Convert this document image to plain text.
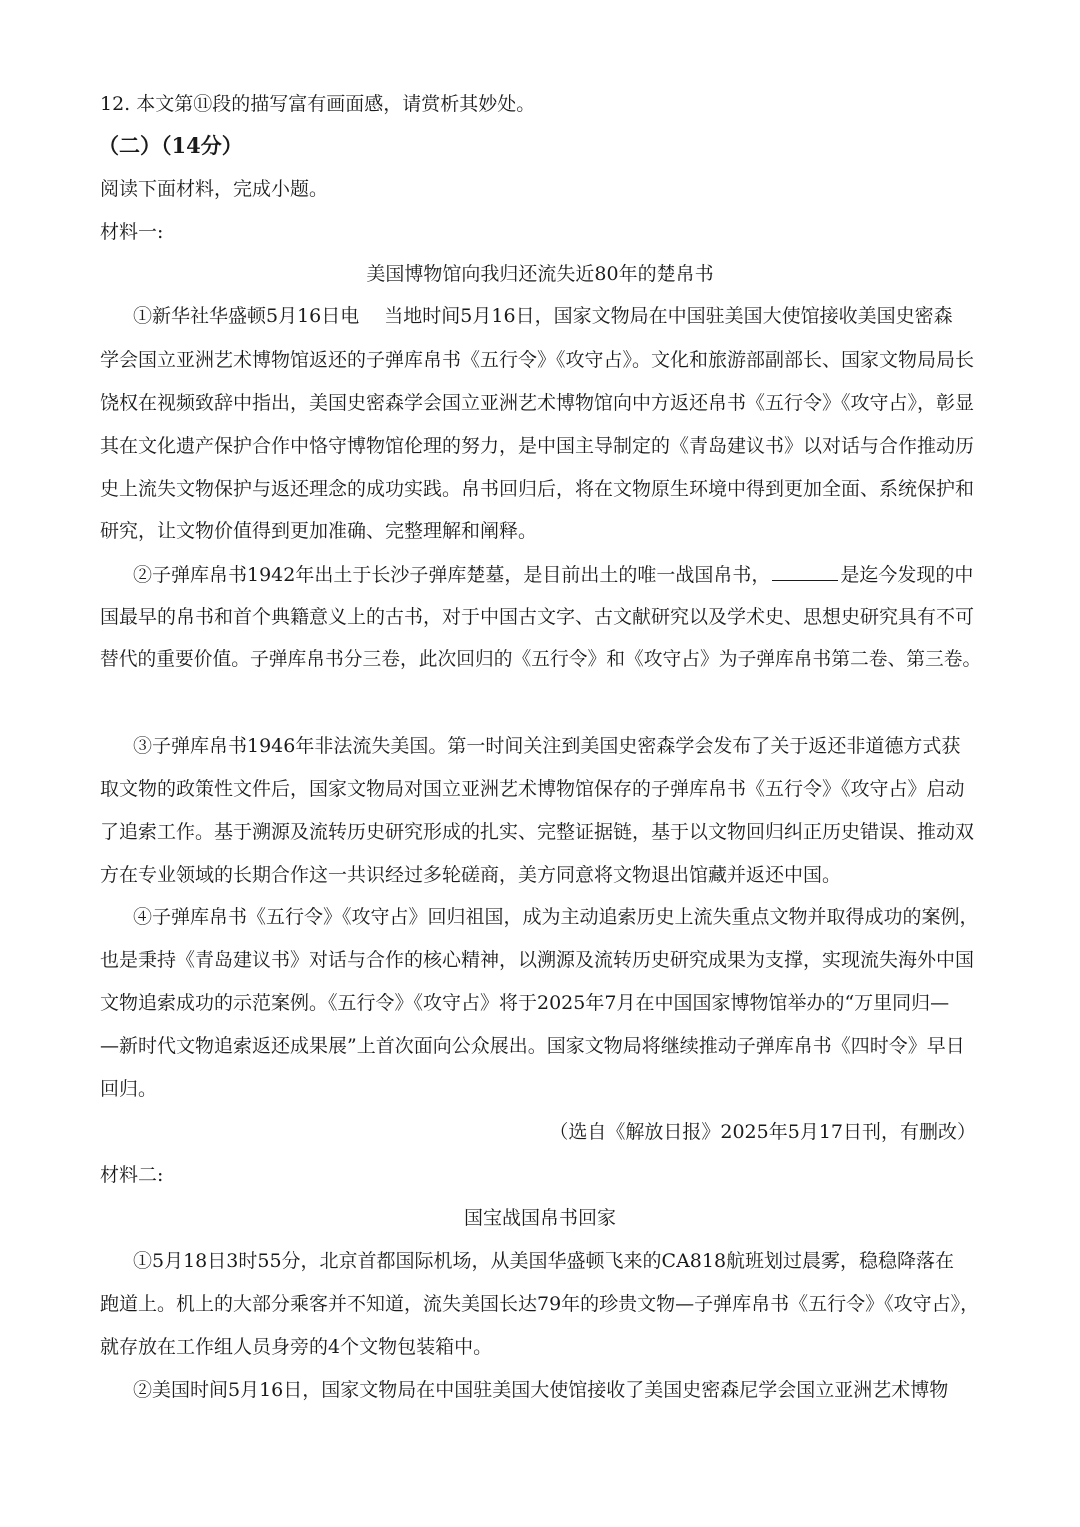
12. 本文第⑪段的描写富有画面感，请赏析其妙处。
（二）（14分）
阅读下面材料，完成小题。
材料一:
美国博物馆向我归还流失近80年的楚帛书
①新华社华盛顿5月16日电　 当地时间5月16日，国家文物局在中国驻美国大使馆接收美国史密森
学会国立亚洲艺术博物馆返还的子弹库帛书《五行令》《攻守占》。文化和旅游部副部长、国家文物局局长
饶权在视频致辞中指出，美国史密森学会国立亚洲艺术博物馆向中方返还帛书《五行令》《攻守占》，彰显
其在文化遗产保护合作中恪守博物馆伦理的努力，是中国主导制定的《青岛建议书》以对话与合作推动历
史上流失文物保护与返还理念的成功实践。帛书回归后，将在文物原生环境中得到更加全面、系统保护和
研究，让文物价值得到更加准确、完整理解和阐释。
②子弹库帛书1942年出土于长沙子弹库楚墓，是目前出土的唯一战国帛书，	是迄今发现的中
国最早的帛书和首个典籍意义上的古书，对于中国古文字、古文献研究以及学术史、思想史研究具有不可
替代的重要价值。子弹库帛书分三卷，此次回归的《五行令》和《攻守占》为子弹库帛书第二卷、第三卷。
③子弹库帛书1946年非法流失美国。第一时间关注到美国史密森学会发布了关于返还非道德方式获
取文物的政策性文件后，国家文物局对国立亚洲艺术博物馆保存的子弹库帛书《五行令》《攻守占》启动
了追索工作。基于溯源及流转历史研究形成的扎实、完整证据链，基于以文物回归纠正历史错误、推动双
方在专业领域的长期合作这一共识经过多轮磋商，美方同意将文物退出馆藏并返还中国。
④子弹库帛书《五行令》《攻守占》回归祖国，成为主动追索历史上流失重点文物并取得成功的案例，
也是秉持《青岛建议书》对话与合作的核心精神，以溯源及流转历史研究成果为支撑，实现流失海外中国
文物追索成功的示范案例。《五行令》《攻守占》将于2025年7月在中国国家博物馆举办的“万里同归—
—新时代文物追索返还成果展”上首次面向公众展出。国家文物局将继续推动子弹库帛书《四时令》早日
回归。
（选自《解放日报》2025年5月17日刊，有删改）
材料二:
国宝战国帛书回家
①5月18日3时55分，北京首都国际机场，从美国华盛顿飞来的CA818航班划过晨雾，稳稳降落在
跑道上。机上的大部分乘客并不知道，流失美国长达79年的珍贵文物—子弹库帛书《五行令》《攻守占》，
就存放在工作组人员身旁的4个文物包装箱中。
②美国时间5月16日，国家文物局在中国驻美国大使馆接收了美国史密森尼学会国立亚洲艺术博物
